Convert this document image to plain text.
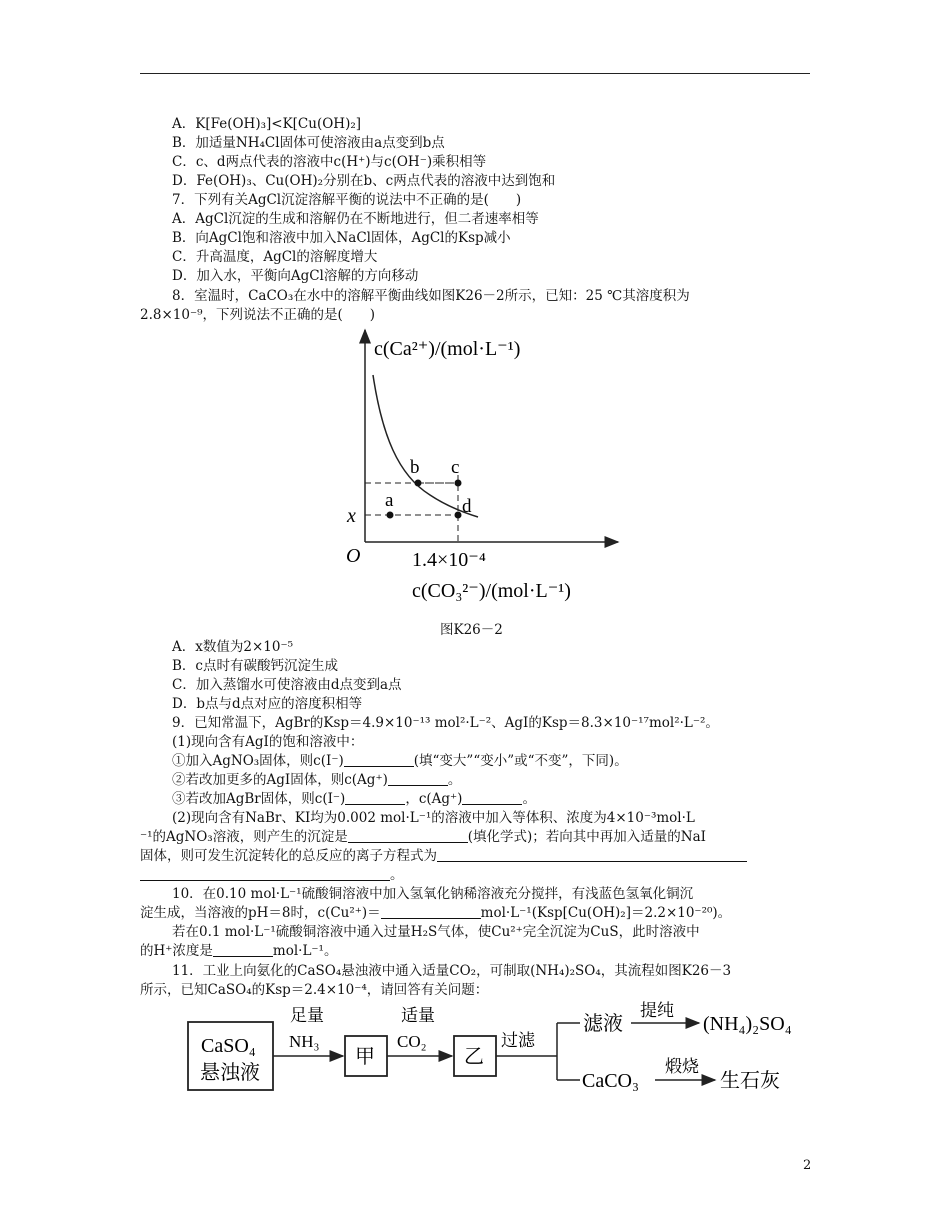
A．K[Fe(OH)₃]<K[Cu(OH)₂]
B．加适量NH₄Cl固体可使溶液由a点变到b点
C．c、d两点代表的溶液中c(H⁺)与c(OH⁻)乘积相等
D．Fe(OH)₃、Cu(OH)₂分别在b、c两点代表的溶液中达到饱和
7．下列有关AgCl沉淀溶解平衡的说法中不正确的是(　　)
A．AgCl沉淀的生成和溶解仍在不断地进行，但二者速率相等
B．向AgCl饱和溶液中加入NaCl固体，AgCl的Ksp减小
C．升高温度，AgCl的溶解度增大
D．加入水，平衡向AgCl溶解的方向移动
8．室温时，CaCO₃在水中的溶解平衡曲线如图K26－2所示，已知：25 ℃其溶度积为
2.8×10⁻⁹，下列说法不正确的是(　　)
a
b c
d
c(Ca²⁺)/(mol·L⁻¹)
x
O	1.4×10⁻⁴
c(CO₃²⁻)/(mol·L⁻¹)
图K26－2
A．x数值为2×10⁻⁵
B．c点时有碳酸钙沉淀生成
C．加入蒸馏水可使溶液由d点变到a点
D．b点与d点对应的溶度积相等
9．已知常温下，AgBr的Ksp＝4.9×10⁻¹³ mol²·L⁻²、AgI的Ksp＝8.3×10⁻¹⁷mol²·L⁻²。
(1)现向含有AgI的饱和溶液中：
①加入AgNO₃固体，则c(I⁻)	(填“变大”“变小”或“不变”，下同)。
②若改加更多的AgI固体，则c(Ag⁺)	。
③若改加AgBr固体，则c(I⁻)	，c(Ag⁺)	。
(2)现向含有NaBr、KI均为0.002 mol·L⁻¹的溶液中加入等体积、浓度为4×10⁻³mol·L
⁻¹的AgNO₃溶液，则产生的沉淀是	(填化学式)；若向其中再加入适量的NaI
固体，则可发生沉淀转化的总反应的离子方程式为
。
10．在0.10 mol·L⁻¹硫酸铜溶液中加入氢氧化钠稀溶液充分搅拌，有浅蓝色氢氧化铜沉
淀生成，当溶液的pH＝8时，c(Cu²⁺)＝	mol·L⁻¹(Ksp[Cu(OH)₂]＝2.2×10⁻²⁰)。
若在0.1 mol·L⁻¹硫酸铜溶液中通入过量H₂S气体，使Cu²⁺完全沉淀为CuS，此时溶液中
的H⁺浓度是	mol·L⁻¹。
11．工业上向氨化的CaSO₄悬浊液中通入适量CO₂，可制取(NH₄)₂SO₄，其流程如图K26－3
所示，已知CaSO₄的Ksp＝2.4×10⁻⁴，请回答有关问题：
CaSO₄
悬浊液
足量
NH₃
甲
适量
CO₂
乙
过滤
滤液
提纯
(NH₄)₂SO₄
CaCO₃
煅烧
生石灰
2
